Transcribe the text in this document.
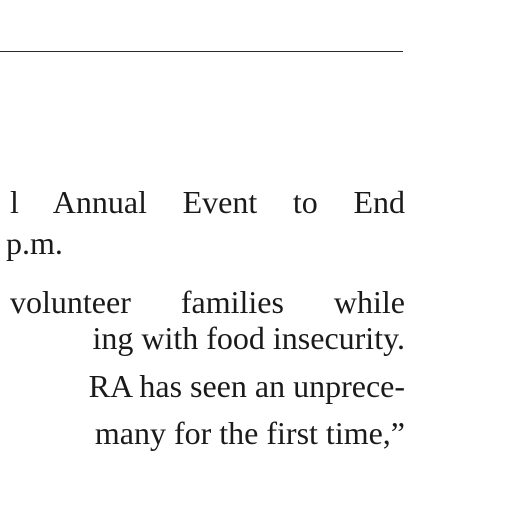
l Annual Event to End
p.m.
volunteer families while
ing with food insecurity.
RA has seen an unprece-
many for the first time,”
